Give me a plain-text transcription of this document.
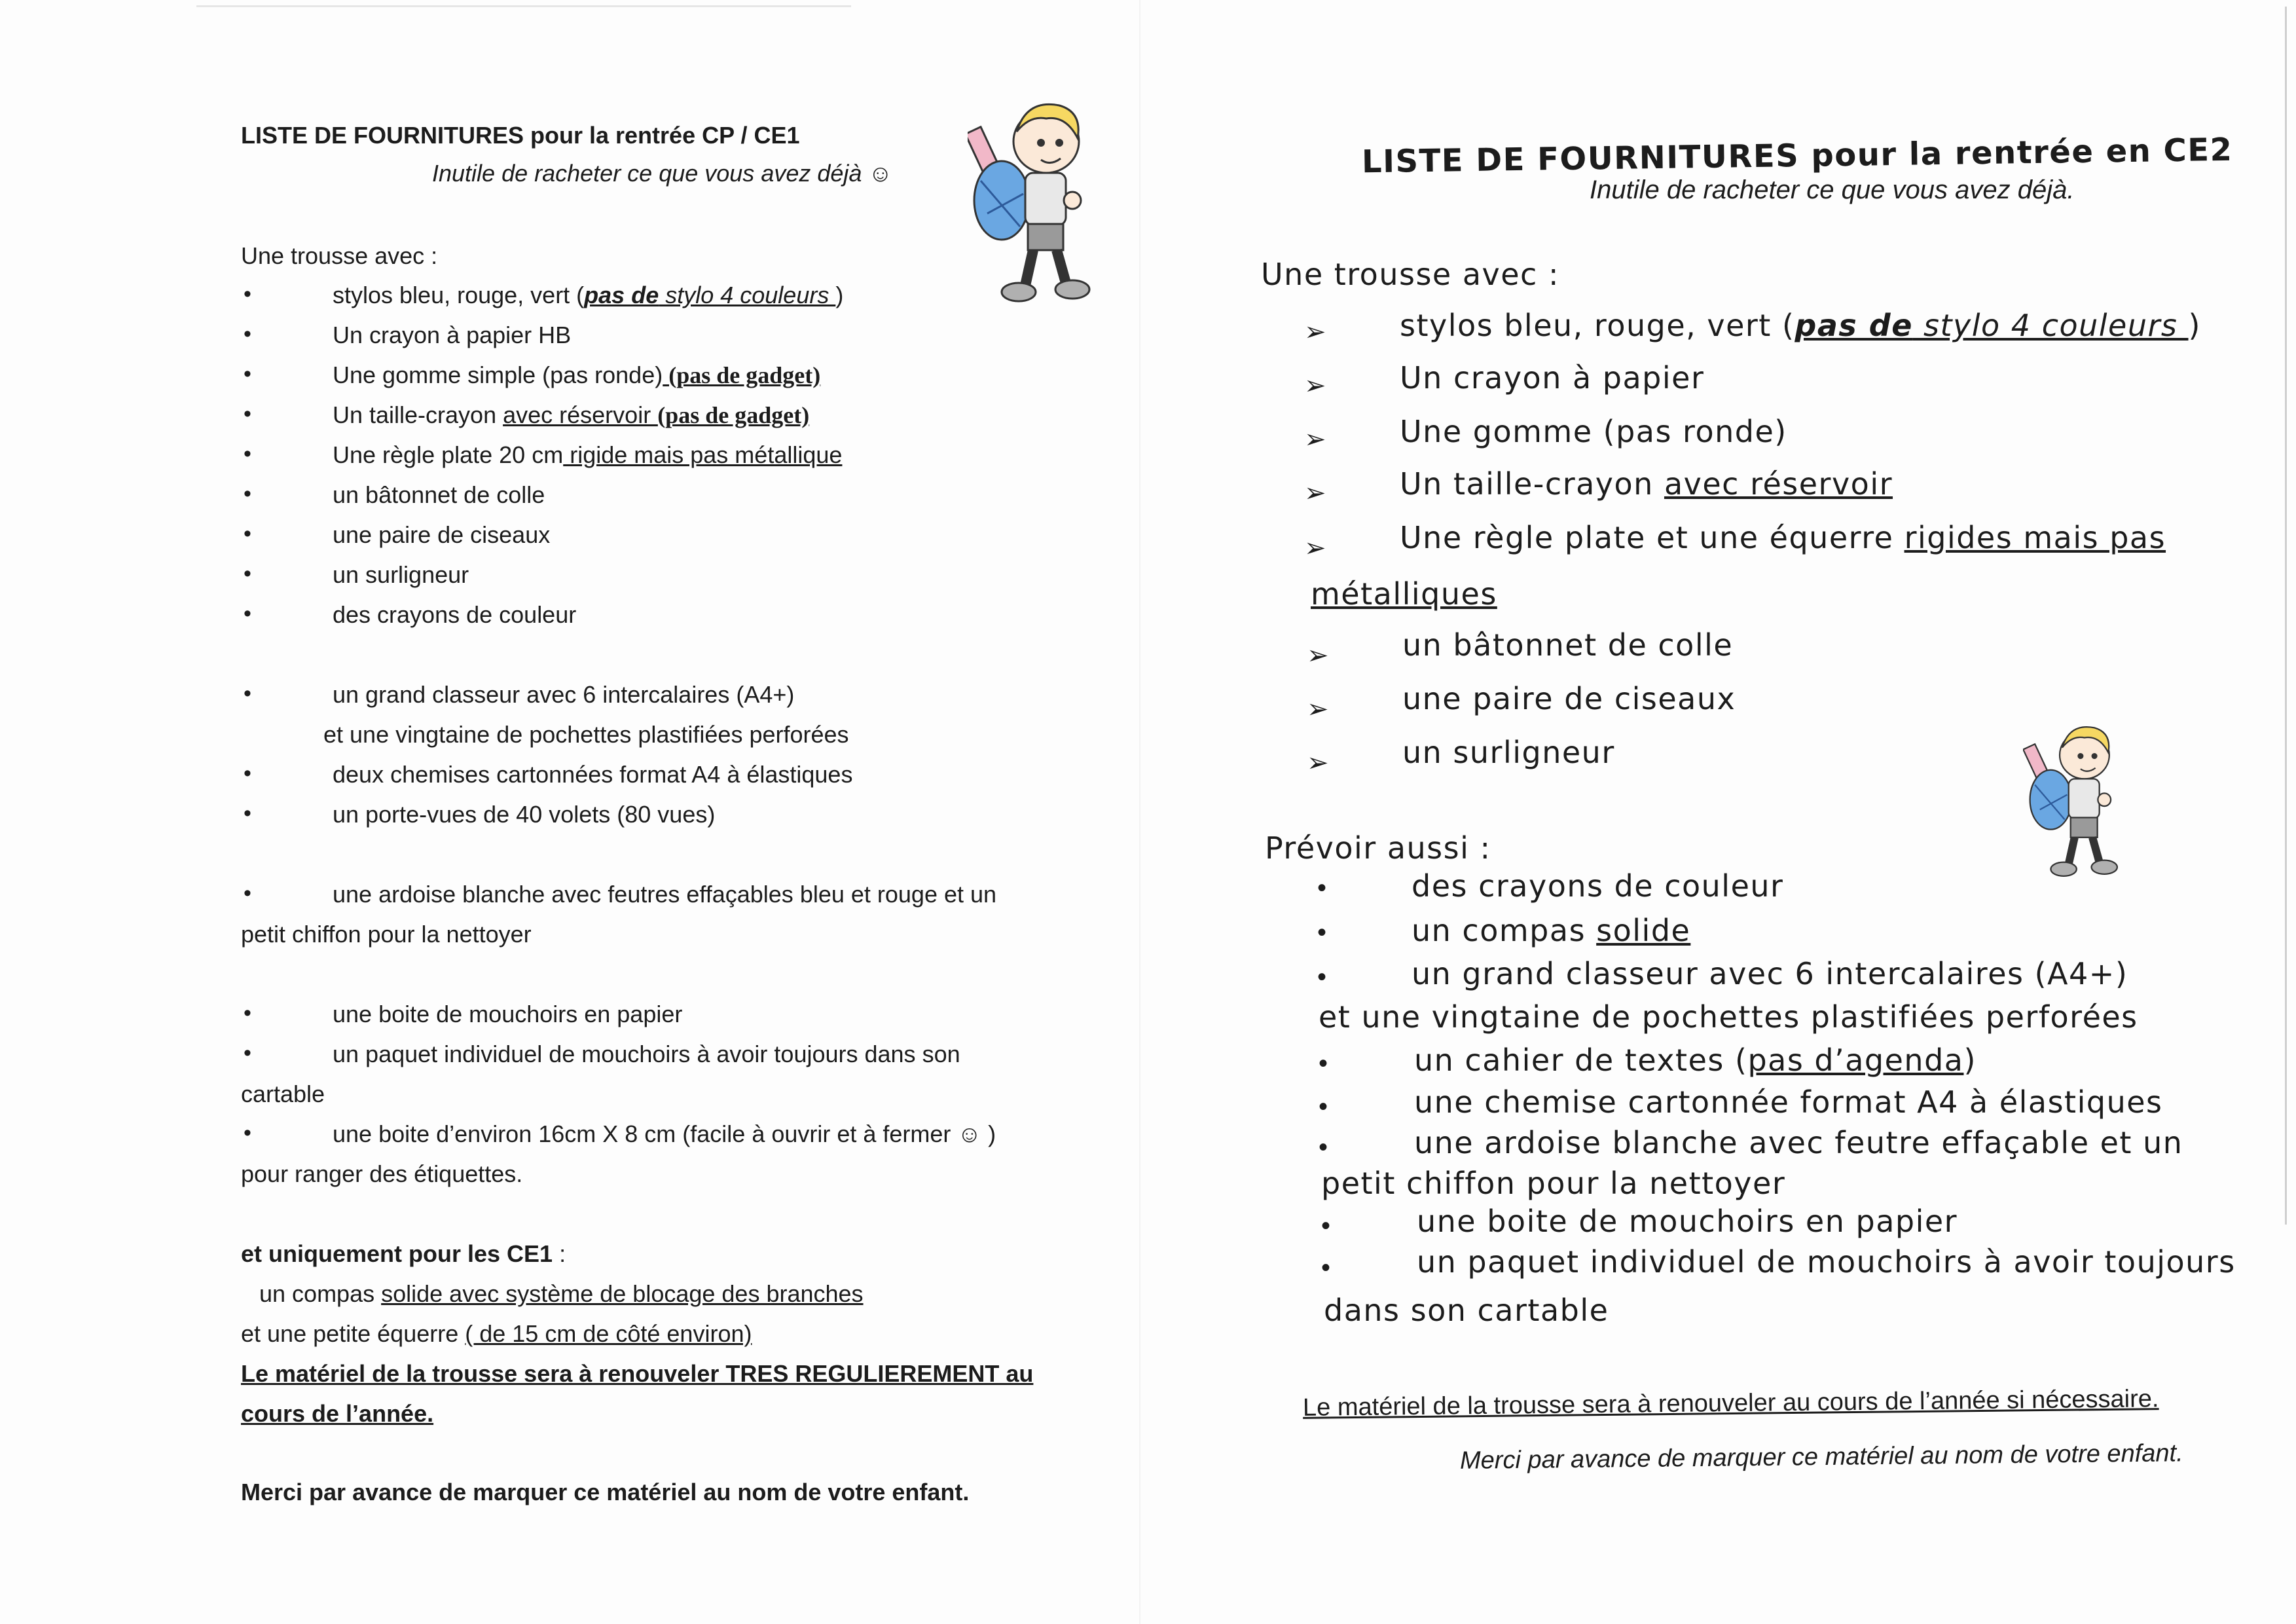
LISTE DE FOURNITURES pour la rentrée CP / CE1
Inutile de racheter ce que vous avez déjà ☺
Une trousse avec :
•	stylos bleu, rouge, vert (pas de stylo 4 couleurs )
•	Un crayon à papier HB
•	Une gomme simple (pas ronde) (pas de gadget)
•	Un taille-crayon avec réservoir (pas de gadget)
•	Une règle plate 20 cm rigide mais pas métallique
•	un bâtonnet de colle
•	une paire de ciseaux
•	un surligneur
•	des crayons de couleur
•	un grand classeur avec 6 intercalaires (A4+)
et une vingtaine de pochettes plastifiées perforées
•	deux chemises cartonnées format A4 à élastiques
•	un porte-vues de 40 volets (80 vues)
•	une ardoise blanche avec feutres effaçables bleu et rouge et un
petit chiffon pour la nettoyer
•	une boite de mouchoirs en papier
•	un paquet individuel de mouchoirs à avoir toujours dans son
cartable
•	une boite d’environ 16cm X 8 cm (facile à ouvrir et à fermer ☺ )
pour ranger des étiquettes.
et uniquement pour les CE1 :
un compas solide avec système de blocage des branches
et une petite équerre ( de 15 cm de côté environ)
Le matériel de la trousse sera à renouveler TRES REGULIEREMENT au
cours de l’année.
Merci par avance de marquer ce matériel au nom de votre enfant.
LISTE DE FOURNITURES pour la rentrée en CE2
Inutile de racheter ce que vous avez déjà.
Une trousse avec :
➢ stylos bleu, rouge, vert (pas de stylo 4 couleurs )
➢ Un crayon à papier
➢ Une gomme (pas ronde)
➢ Un taille-crayon avec réservoir
➢ Une règle plate et une équerre rigides mais pas
métalliques
➢ un bâtonnet de colle
➢ une paire de ciseaux
➢ un surligneur
Prévoir aussi :
•	des crayons de couleur
•	un compas solide
•	un grand classeur avec 6 intercalaires (A4+)
et une vingtaine de pochettes plastifiées perforées
•	un cahier de textes (pas d’agenda)
•	une chemise cartonnée format A4 à élastiques
•	une ardoise blanche avec feutre effaçable et un
petit chiffon pour la nettoyer
•	une boite de mouchoirs en papier
•	un paquet individuel de mouchoirs à avoir toujours
dans son cartable
Le matériel de la trousse sera à renouveler au cours de l’année si nécessaire.
Merci par avance de marquer ce matériel au nom de votre enfant.
